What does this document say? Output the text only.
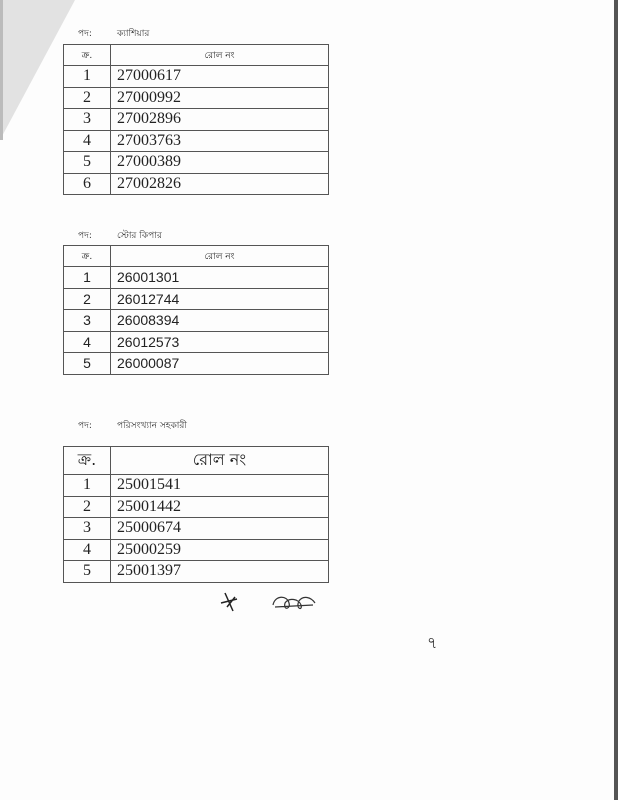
পদ:	ক্যাশিয়ার
ক্র.	রোল নং
1	27000617
2	27000992
3	27002896
4	27003763
5	27000389
6	27002826
পদ:	স্টোর কিপার
ক্র.	রোল নং
1	26001301
2	26012744
3	26008394
4	26012573
5	26000087
পদ:	পরিসংখ্যান সহকারী
ক্র.	রোল নং
1	25001541
2	25001442
3	25000674
4	25000259
5	25001397
৭
